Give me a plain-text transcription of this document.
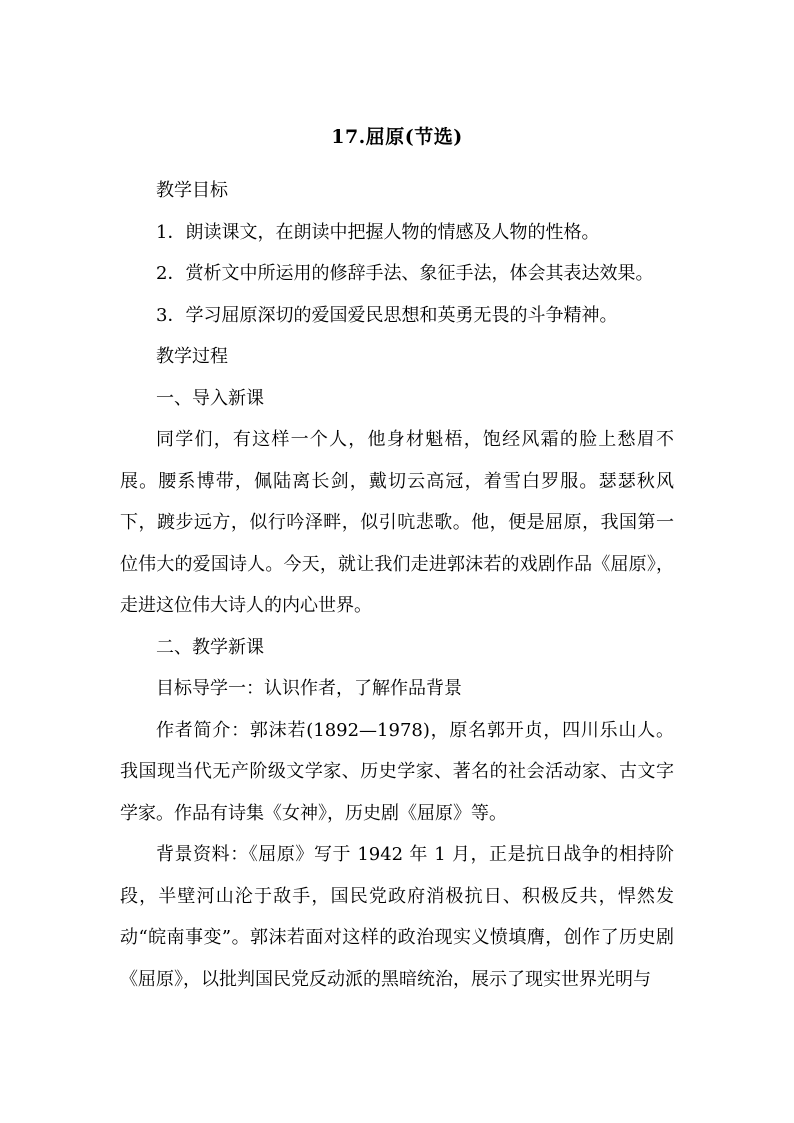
17.屈原(节选)

教学目标

1．朗读课文，在朗读中把握人物的情感及人物的性格。

2．赏析文中所运用的修辞手法、象征手法，体会其表达效果。

3．学习屈原深切的爱国爱民思想和英勇无畏的斗争精神。

教学过程

一、导入新课

同学们，有这样一个人，他身材魁梧，饱经风霜的脸上愁眉不展。腰系博带，佩陆离长剑，戴切云高冠，着雪白罗服。瑟瑟秋风下，踱步远方，似行吟泽畔，似引吭悲歌。他，便是屈原，我国第一位伟大的爱国诗人。今天，就让我们走进郭沫若的戏剧作品《屈原》，走进这位伟大诗人的内心世界。

二、教学新课

目标导学一：认识作者，了解作品背景

作者简介：郭沫若(1892—1978)，原名郭开贞，四川乐山人。我国现当代无产阶级文学家、历史学家、著名的社会活动家、古文字学家。作品有诗集《女神》，历史剧《屈原》等。

背景资料：《屈原》写于 1942 年 1 月，正是抗日战争的相持阶段，半壁河山沦于敌手，国民党政府消极抗日、积极反共，悍然发动“皖南事变”。郭沫若面对这样的政治现实义愤填膺，创作了历史剧《屈原》，以批判国民党反动派的黑暗统治，展示了现实世界光明与
